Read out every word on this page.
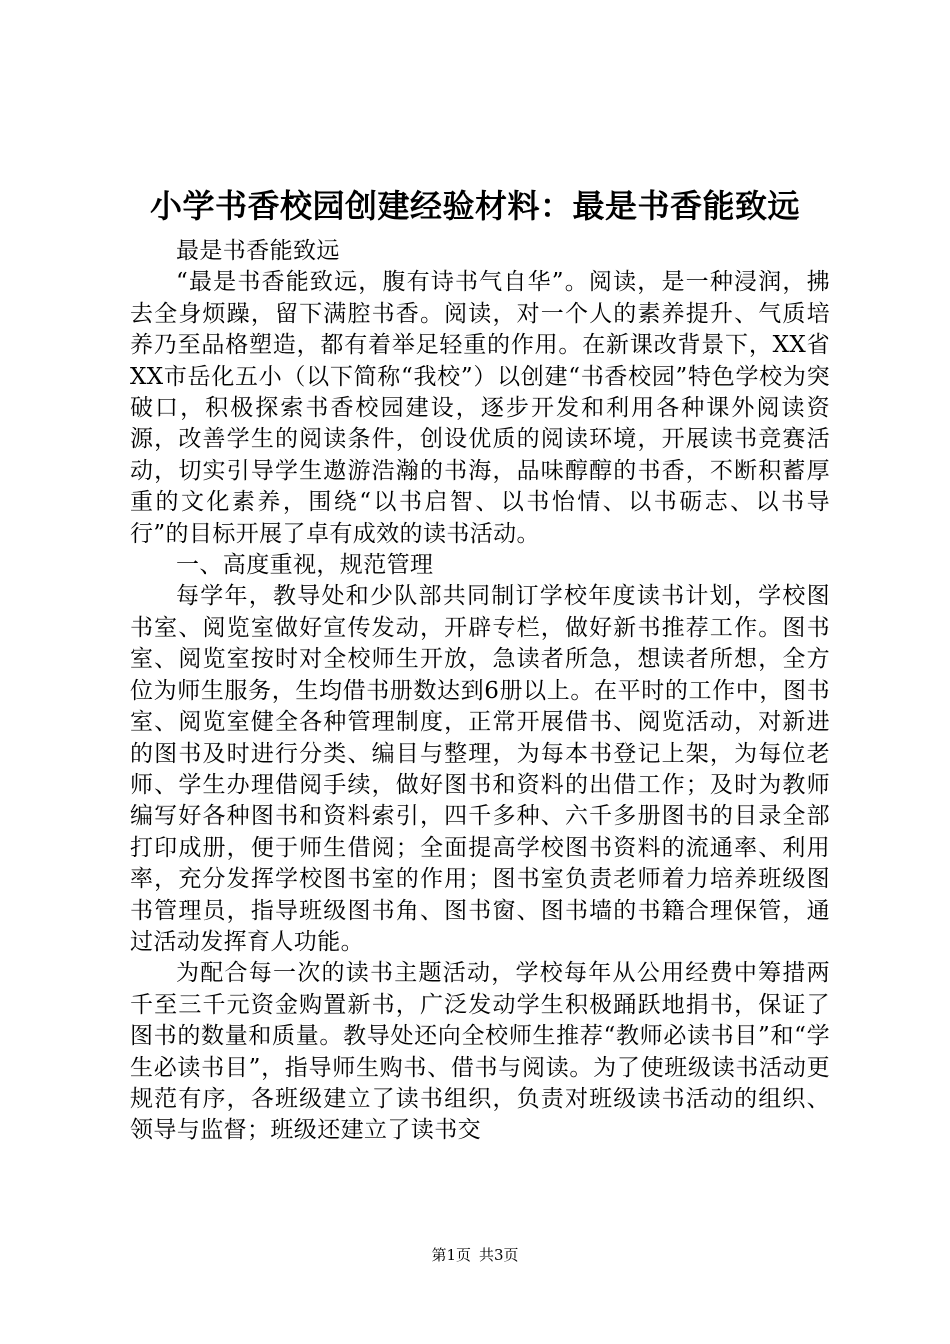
小学书香校园创建经验材料：最是书香能致远

最是书香能致远

“最是书香能致远，腹有诗书气自华”。阅读，是一种浸润，拂去全身烦躁，留下满腔书香。阅读，对一个人的素养提升、气质培养乃至品格塑造，都有着举足轻重的作用。在新课改背景下，XX省XX市岳化五小（以下简称“我校”）以创建“书香校园”特色学校为突破口，积极探索书香校园建设，逐步开发和利用各种课外阅读资源，改善学生的阅读条件，创设优质的阅读环境，开展读书竞赛活动，切实引导学生遨游浩瀚的书海，品味醇醇的书香，不断积蓄厚重的文化素养，围绕“以书启智、以书怡情、以书砺志、以书导行”的目标开展了卓有成效的读书活动。

一、高度重视，规范管理

每学年，教导处和少队部共同制订学校年度读书计划，学校图书室、阅览室做好宣传发动，开辟专栏，做好新书推荐工作。图书室、阅览室按时对全校师生开放，急读者所急，想读者所想，全方位为师生服务，生均借书册数达到6册以上。在平时的工作中，图书室、阅览室健全各种管理制度，正常开展借书、阅览活动，对新进的图书及时进行分类、编目与整理，为每本书登记上架，为每位老师、学生办理借阅手续，做好图书和资料的出借工作；及时为教师编写好各种图书和资料索引，四千多种、六千多册图书的目录全部打印成册，便于师生借阅；全面提高学校图书资料的流通率、利用率，充分发挥学校图书室的作用；图书室负责老师着力培养班级图书管理员，指导班级图书角、图书窗、图书墙的书籍合理保管，通过活动发挥育人功能。

为配合每一次的读书主题活动，学校每年从公用经费中筹措两千至三千元资金购置新书，广泛发动学生积极踊跃地捐书，保证了图书的数量和质量。教导处还向全校师生推荐“教师必读书目”和“学生必读书目”，指导师生购书、借书与阅读。为了使班级读书活动更规范有序，各班级建立了读书组织，负责对班级读书活动的组织、领导与监督；班级还建立了读书交

第1页 共3页
